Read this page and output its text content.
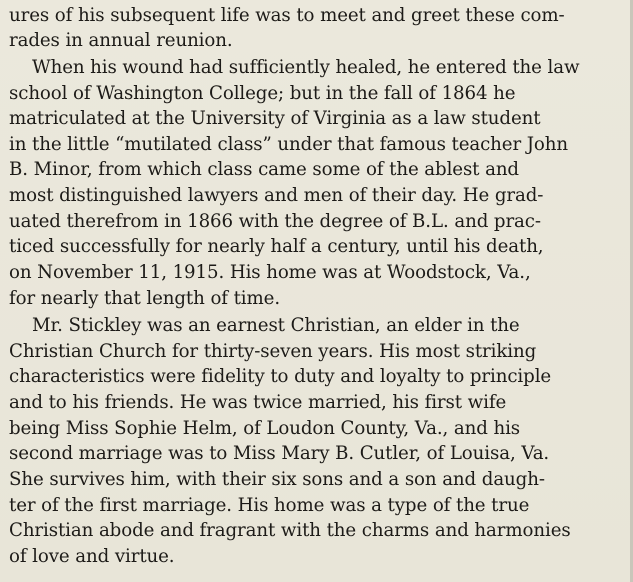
ures of his subsequent life was to meet and greet these com-
rades in annual reunion.
When his wound had sufficiently healed, he entered the law
school of Washington College; but in the fall of 1864 he
matriculated at the University of Virginia as a law student
in the little “mutilated class” under that famous teacher John
B. Minor, from which class came some of the ablest and
most distinguished lawyers and men of their day. He grad-
uated therefrom in 1866 with the degree of B.L. and prac-
ticed successfully for nearly half a century, until his death,
on November 11, 1915. His home was at Woodstock, Va.,
for nearly that length of time.
Mr. Stickley was an earnest Christian, an elder in the
Christian Church for thirty-seven years. His most striking
characteristics were fidelity to duty and loyalty to principle
and to his friends. He was twice married, his first wife
being Miss Sophie Helm, of Loudon County, Va., and his
second marriage was to Miss Mary B. Cutler, of Louisa, Va.
She survives him, with their six sons and a son and daugh-
ter of the first marriage. His home was a type of the true
Christian abode and fragrant with the charms and harmonies
of love and virtue.
